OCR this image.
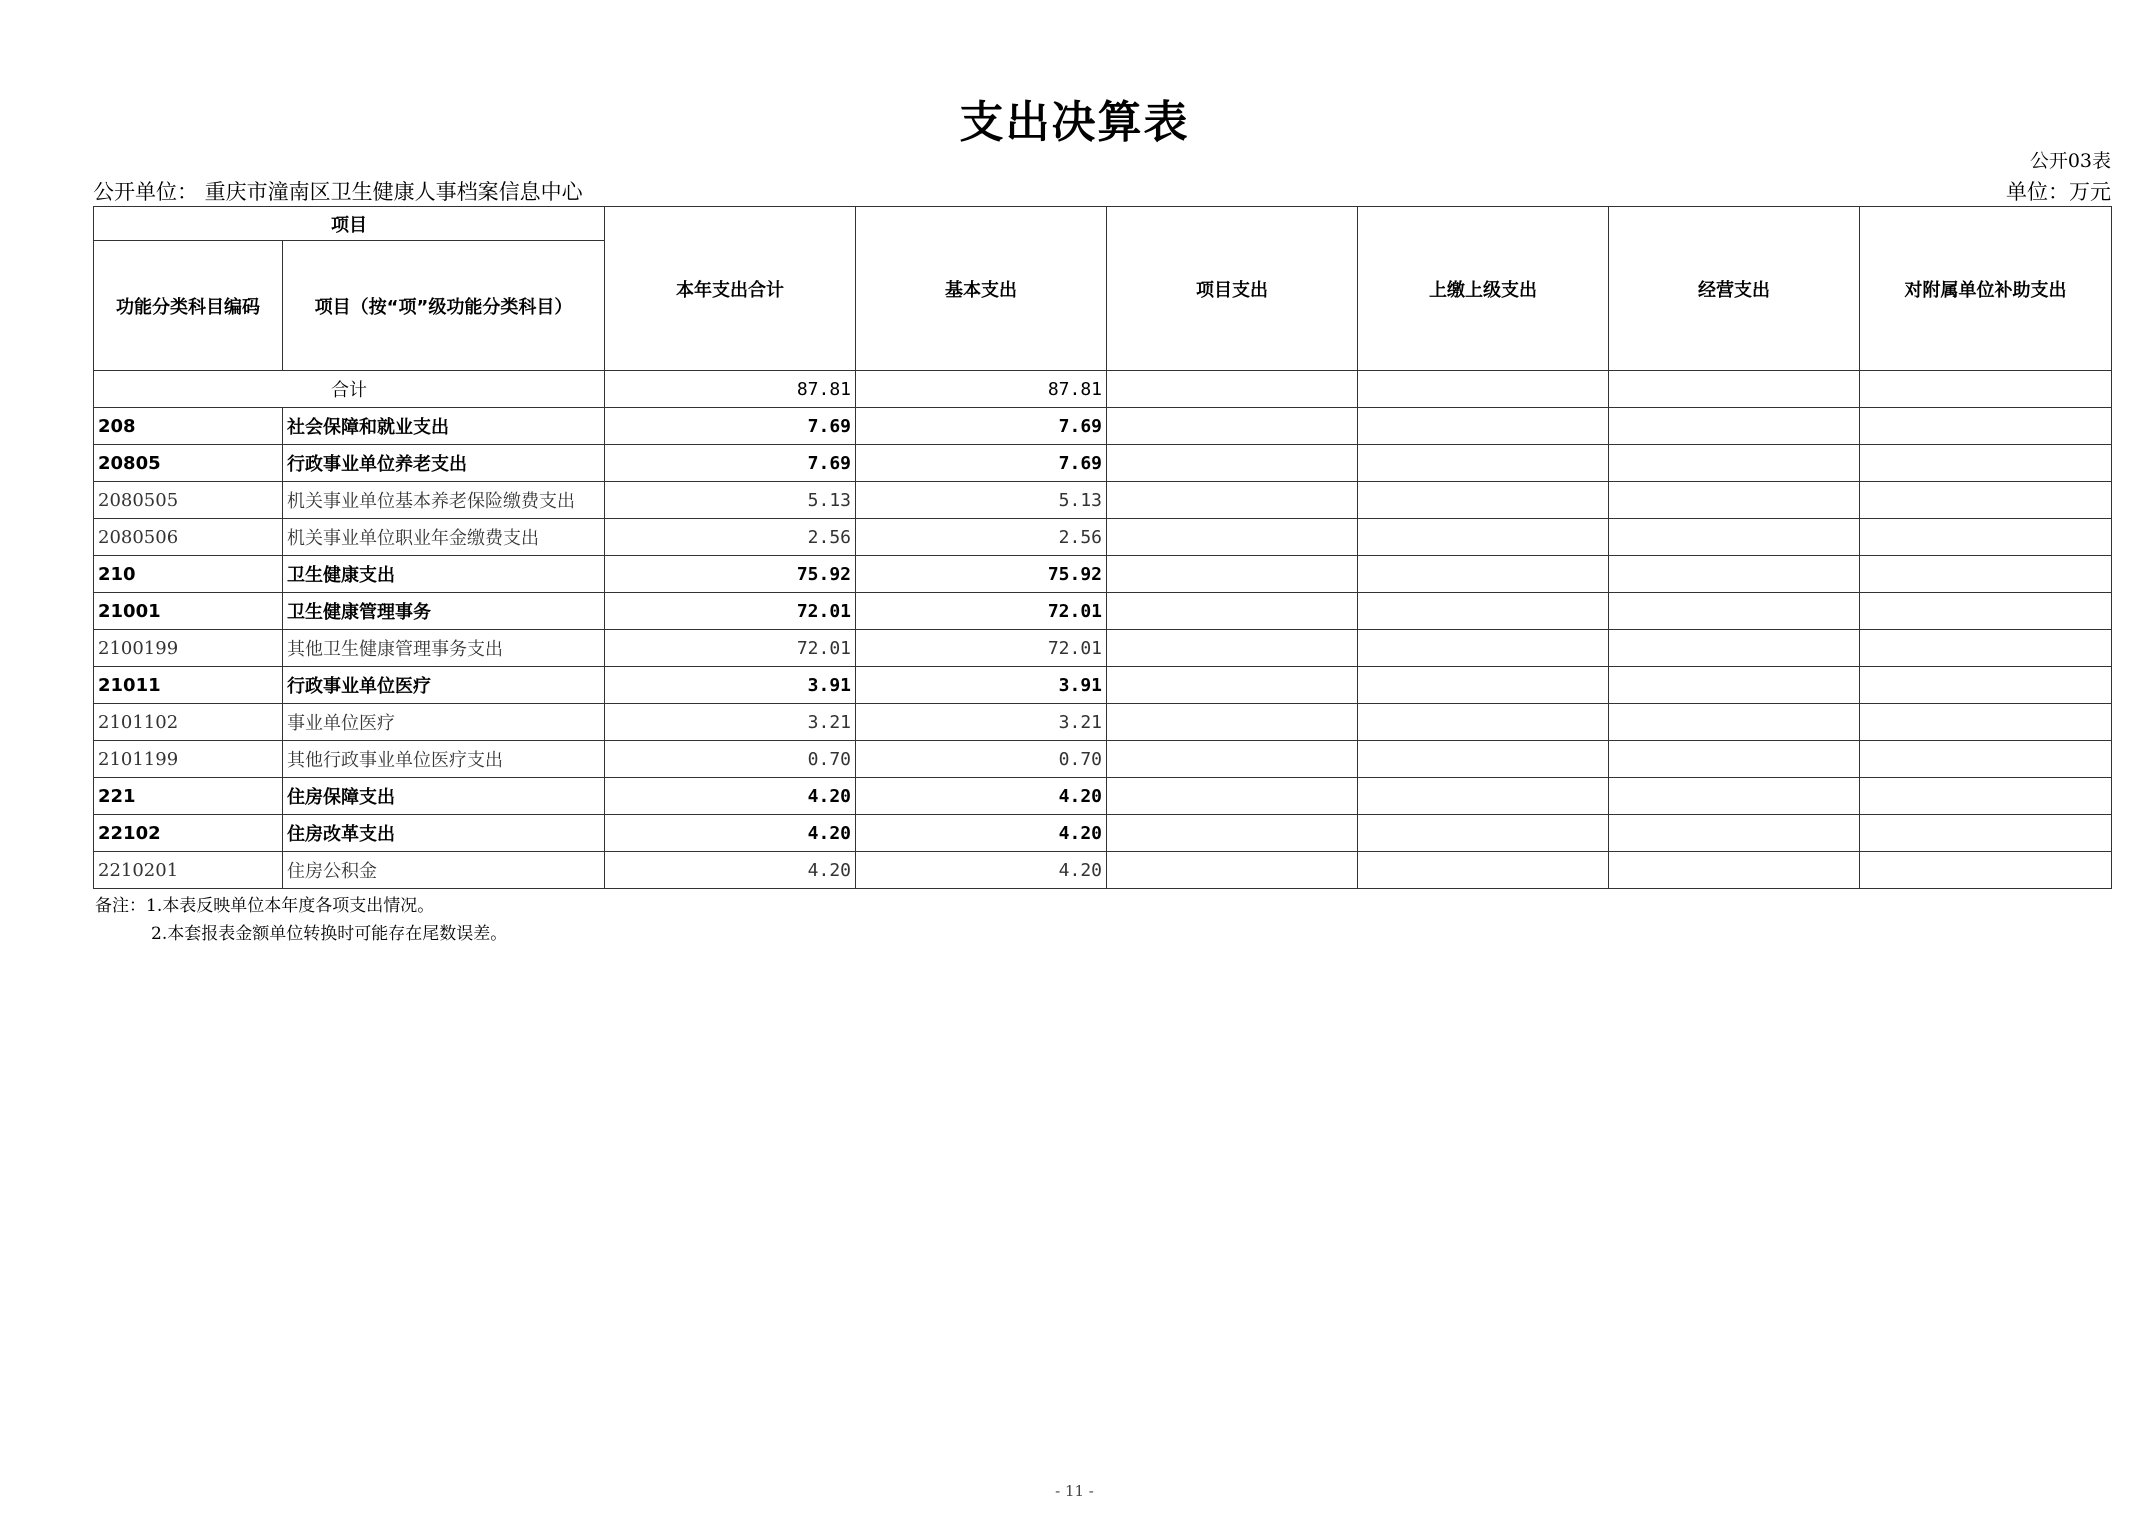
支出决算表
公开03表
公开单位： 重庆市潼南区卫生健康人事档案信息中心	单位：万元
项目		本年支出合计	基本支出	项目支出	上缴上级支出	经营支出	对附属单位补助支出
功能分类科目编码	项目（按“项”级功能分类科目）						
合计		87.81	87.81				
208	社会保障和就业支出	7.69	7.69				
20805	行政事业单位养老支出	7.69	7.69				
2080505	机关事业单位基本养老保险缴费支出	5.13	5.13				
2080506	机关事业单位职业年金缴费支出	2.56	2.56				
210	卫生健康支出	75.92	75.92				
21001	卫生健康管理事务	72.01	72.01				
2100199	其他卫生健康管理事务支出	72.01	72.01				
21011	行政事业单位医疗	3.91	3.91				
2101102	事业单位医疗	3.21	3.21				
2101199	其他行政事业单位医疗支出	0.70	0.70				
221	住房保障支出	4.20	4.20				
22102	住房改革支出	4.20	4.20				
2210201	住房公积金	4.20	4.20				
备注：1.本表反映单位本年度各项支出情况。
2.本套报表金额单位转换时可能存在尾数误差。
- 11 -
